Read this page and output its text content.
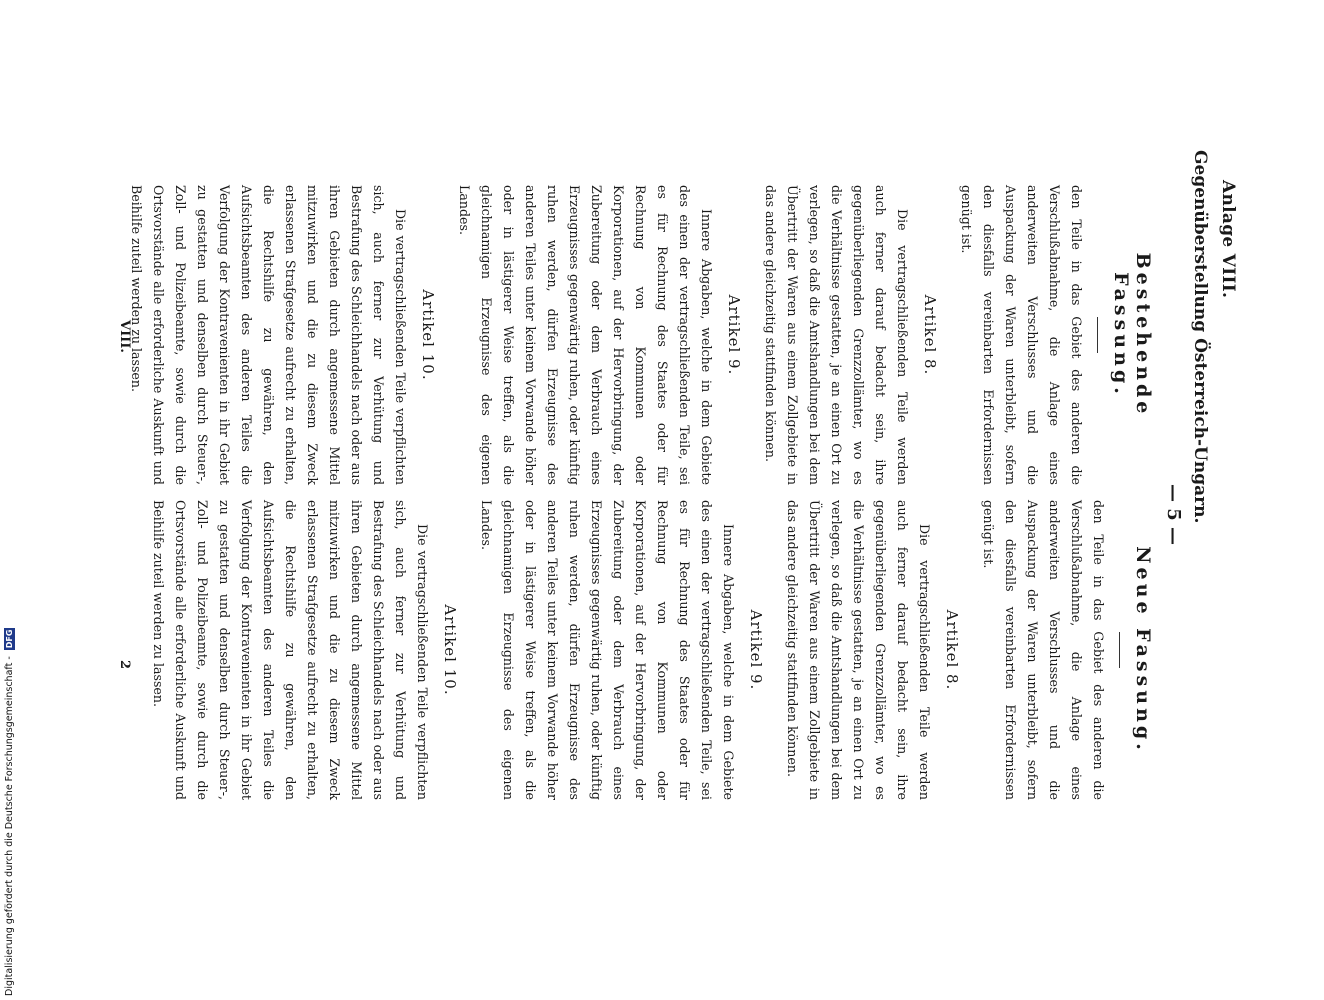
Anlage VIII.
Gegenüberstellung Österreich-Ungarn.
— 5 —
Bestehende Fassung.

den Teile in das Gebiet des anderen die Verschlußabnahme, die Anlage eines anderweiten Verschlusses und die Auspackung der Waren unterbleibt, sofern den diesfalls vereinbarten Erfordernissen genügt ist.

Artikel 8.

Die vertragschließenden Teile werden auch ferner darauf bedacht sein, ihre gegenüberliegenden Grenzzollämter, wo es die Verhältnisse gestatten, je an einen Ort zu verlegen, so daß die Amtshandlungen bei dem Übertritt der Waren aus einem Zollgebiete in das andere gleichzeitig stattfinden können.

Artikel 9.

Innere Abgaben, welche in dem Gebiete des einen der vertragschließenden Teile, sei es für Rechnung des Staates oder für Rechnung von Kommunen oder Korporationen, auf der Hervorbringung, der Zubereitung oder dem Verbrauch eines Erzeugnisses gegenwärtig ruhen, oder künftig ruhen werden, dürfen Erzeugnisse des anderen Teiles unter keinem Vorwande höher oder in lästigerer Weise treffen, als die gleichnamigen Erzeugnisse des eigenen Landes.

Artikel 10.

Die vertragschließenden Teile verpflichten sich, auch ferner zur Verhütung und Bestrafung des Schleichhandels nach oder aus ihren Gebieten durch angemessene Mittel mitzuwirken und die zu diesem Zweck erlassenen Strafgesetze aufrecht zu erhalten, die Rechtshilfe zu gewähren, den Aufsichtsbeamten des anderen Teiles die Verfolgung der Kontravenienten in ihr Gebiet zu gestatten und denselben durch Steuer-, Zoll- und Polizeibeamte, sowie durch die Ortsvorstände alle erforderliche Auskunft und Beihilfe zuteil werden zu lassen.

Neue Fassung.

den Teile in das Gebiet des anderen die Verschlußabnahme, die Anlage eines anderweiten Verschlusses und die Auspackung der Waren unterbleibt, sofern den diesfalls vereinbarten Erfordernissen genügt ist.

Artikel 8.

Die vertragschließenden Teile werden auch ferner darauf bedacht sein, ihre gegenüberliegenden Grenzzollämter, wo es die Verhältnisse gestatten, je an einen Ort zu verlegen, so daß die Amtshandlungen bei dem Übertritt der Waren aus einem Zollgebiete in das andere gleichzeitig stattfinden können.

Artikel 9.

Innere Abgaben, welche in dem Gebiete des einen der vertragschließenden Teile, sei es für Rechnung des Staates oder für Rechnung von Kommunen oder Korporationen, auf der Hervorbringung, der Zubereitung oder dem Verbrauch eines Erzeugnisses gegenwärtig ruhen, oder künftig ruhen werden, dürfen Erzeugnisse des anderen Teiles unter keinem Vorwande höher oder in lästigerer Weise treffen, als die gleichnamigen Erzeugnisse des eigenen Landes.

Artikel 10.

Die vertragschließenden Teile verpflichten sich, auch ferner zur Verhütung und Bestrafung des Schleichhandels nach oder aus ihren Gebieten durch angemessene Mittel mitzuwirken und die zu diesem Zweck erlassenen Strafgesetze aufrecht zu erhalten, die Rechtshilfe zu gewähren, den Aufsichtsbeamten des anderen Teiles die Verfolgung der Kontravenienten in ihr Gebiet zu gestatten und denselben durch Steuer-, Zoll- und Polizeibeamte, sowie durch die Ortsvorstände alle erforderliche Auskunft und Beihilfe zuteil werden zu lassen.

VIII.
2
Digitalisierung gefördert durch die Deutsche Forschungsgemeinschaft - DFG
